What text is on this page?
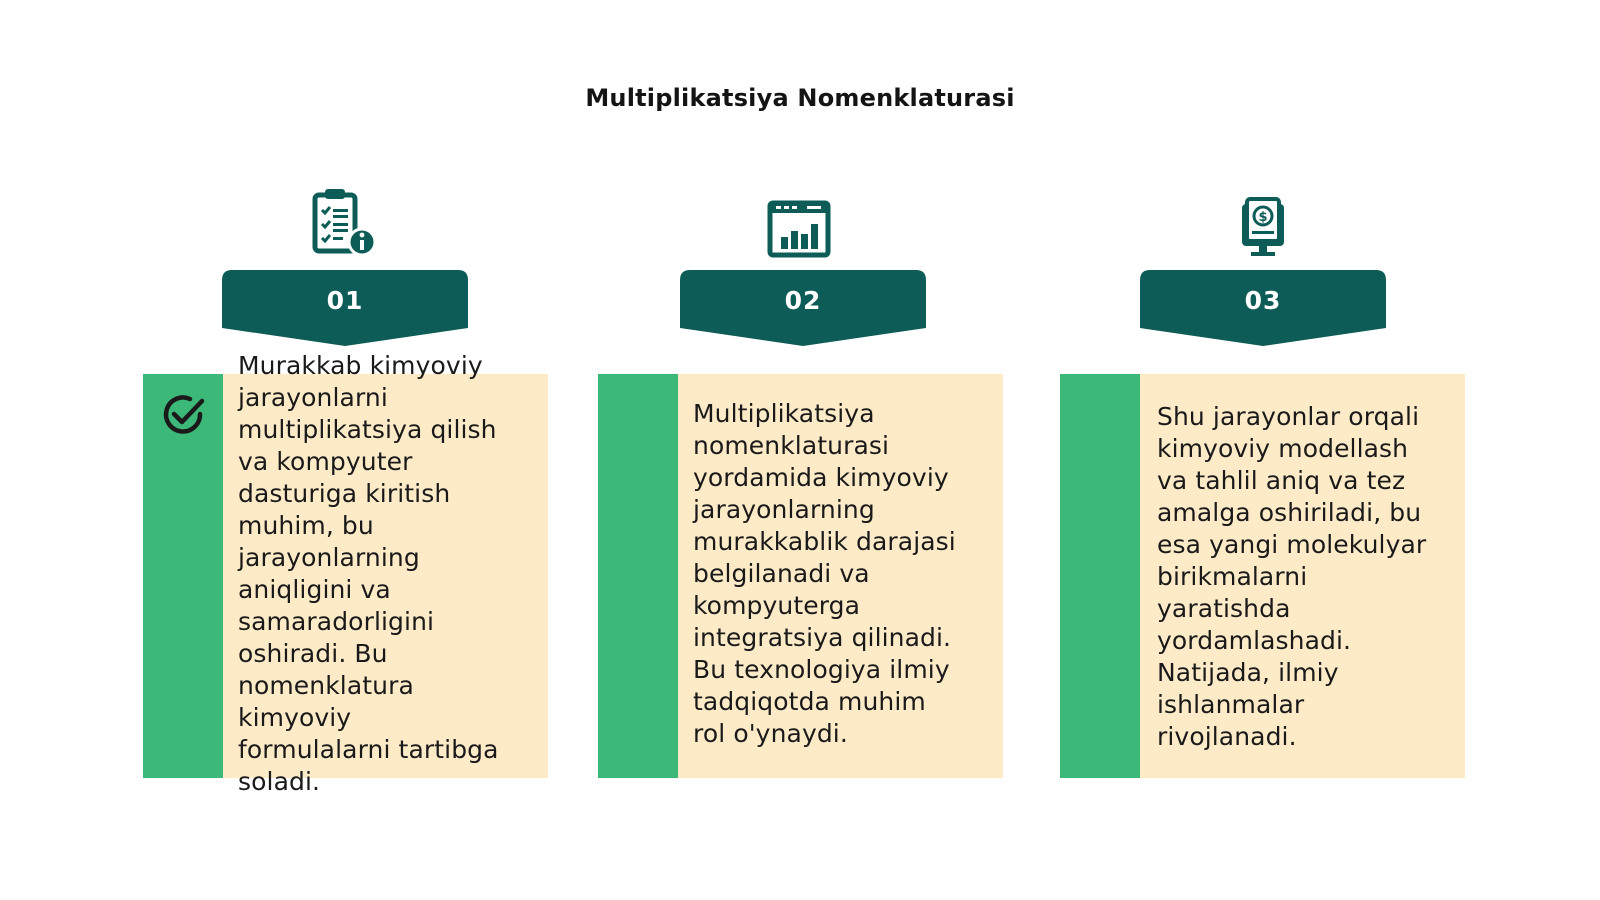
Multiplikatsiya Nomenklaturasi
01
Murakkab kimyoviy
jarayonlarni
multiplikatsiya qilish
va kompyuter
dasturiga kiritish
muhim, bu
jarayonlarning
aniqligini va
samaradorligini
oshiradi. Bu
nomenklatura
kimyoviy
formulalarni tartibga
soladi.
02
Multiplikatsiya
nomenklaturasi
yordamida kimyoviy
jarayonlarning
murakkablik darajasi
belgilanadi va
kompyuterga
integratsiya qilinadi.
Bu texnologiya ilmiy
tadqiqotda muhim
rol o'ynaydi.
$
03
Shu jarayonlar orqali
kimyoviy modellash
va tahlil aniq va tez
amalga oshiriladi, bu
esa yangi molekulyar
birikmalarni
yaratishda
yordamlashadi.
Natijada, ilmiy
ishlanmalar
rivojlanadi.
